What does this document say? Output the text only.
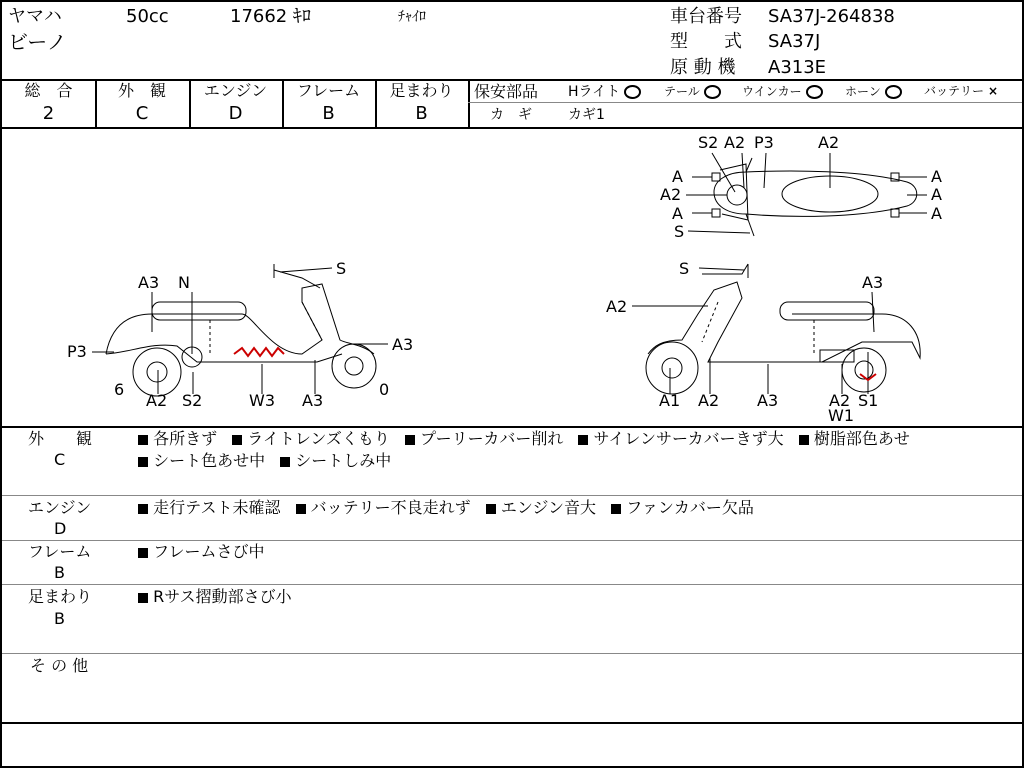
ヤマハ	50cc	17662 ｷﾛ	ﾁｬｲﾛ
ビーノ
車台番号 SA37J-264838
型　　式 SA37J
原 動 機 A313E
総　合
2
外　観
C
エンジン
D
フレーム
B
足まわり
B
保安部品 Hライト	テール	ウインカー	ホーン	バッテリー ×
カ　ギ	カギ1
S2 A2 P3	A2
A
A2
A
S
A
A
A
S
A3 N
P3
6
A2 S2	W3 A3
A3
0
S
A2
A3
A1 A2 A3	A2
W1
S1
外　　観
C
各所きず ライトレンズくもり プーリーカバー削れ サイレンサーカバーきず大 樹脂部色あせ
シート色あせ中 シートしみ中
エンジン
D
走行テスト未確認 バッテリー不良走れず エンジン音大 ファンカバー欠品
フレーム
B
フレームさび中
足まわり
B
Rサス摺動部さび小
そ の 他
